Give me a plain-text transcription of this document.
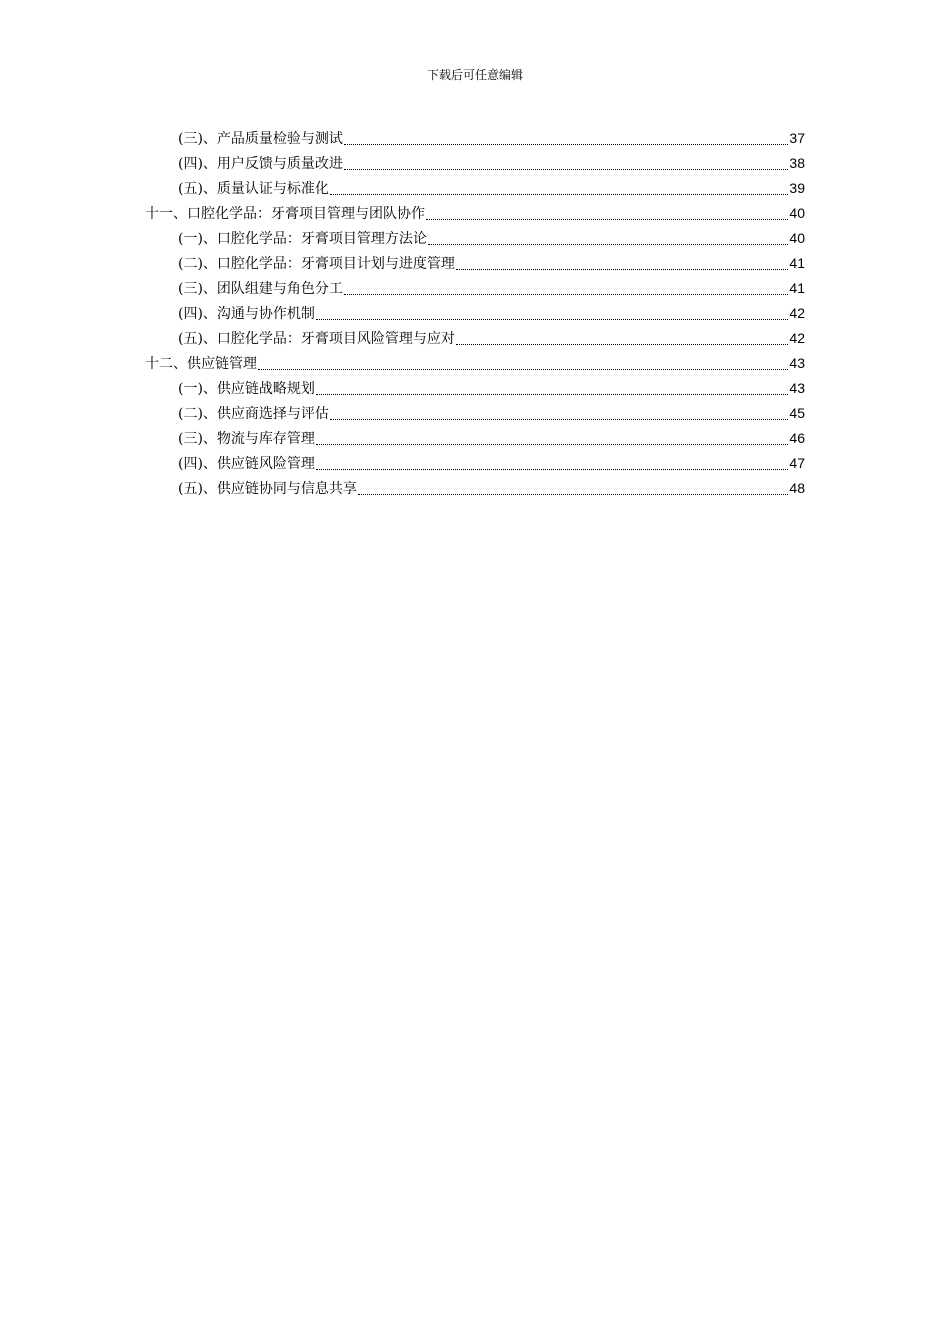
下载后可任意编辑
(三)、产品质量检验与测试	37
(四)、用户反馈与质量改进	38
(五)、质量认证与标准化	39
十一、口腔化学品：牙膏项目管理与团队协作	40
(一)、口腔化学品：牙膏项目管理方法论	40
(二)、口腔化学品：牙膏项目计划与进度管理	41
(三)、团队组建与角色分工	41
(四)、沟通与协作机制	42
(五)、口腔化学品：牙膏项目风险管理与应对	42
十二、供应链管理	43
(一)、供应链战略规划	43
(二)、供应商选择与评估	45
(三)、物流与库存管理	46
(四)、供应链风险管理	47
(五)、供应链协同与信息共享	48
